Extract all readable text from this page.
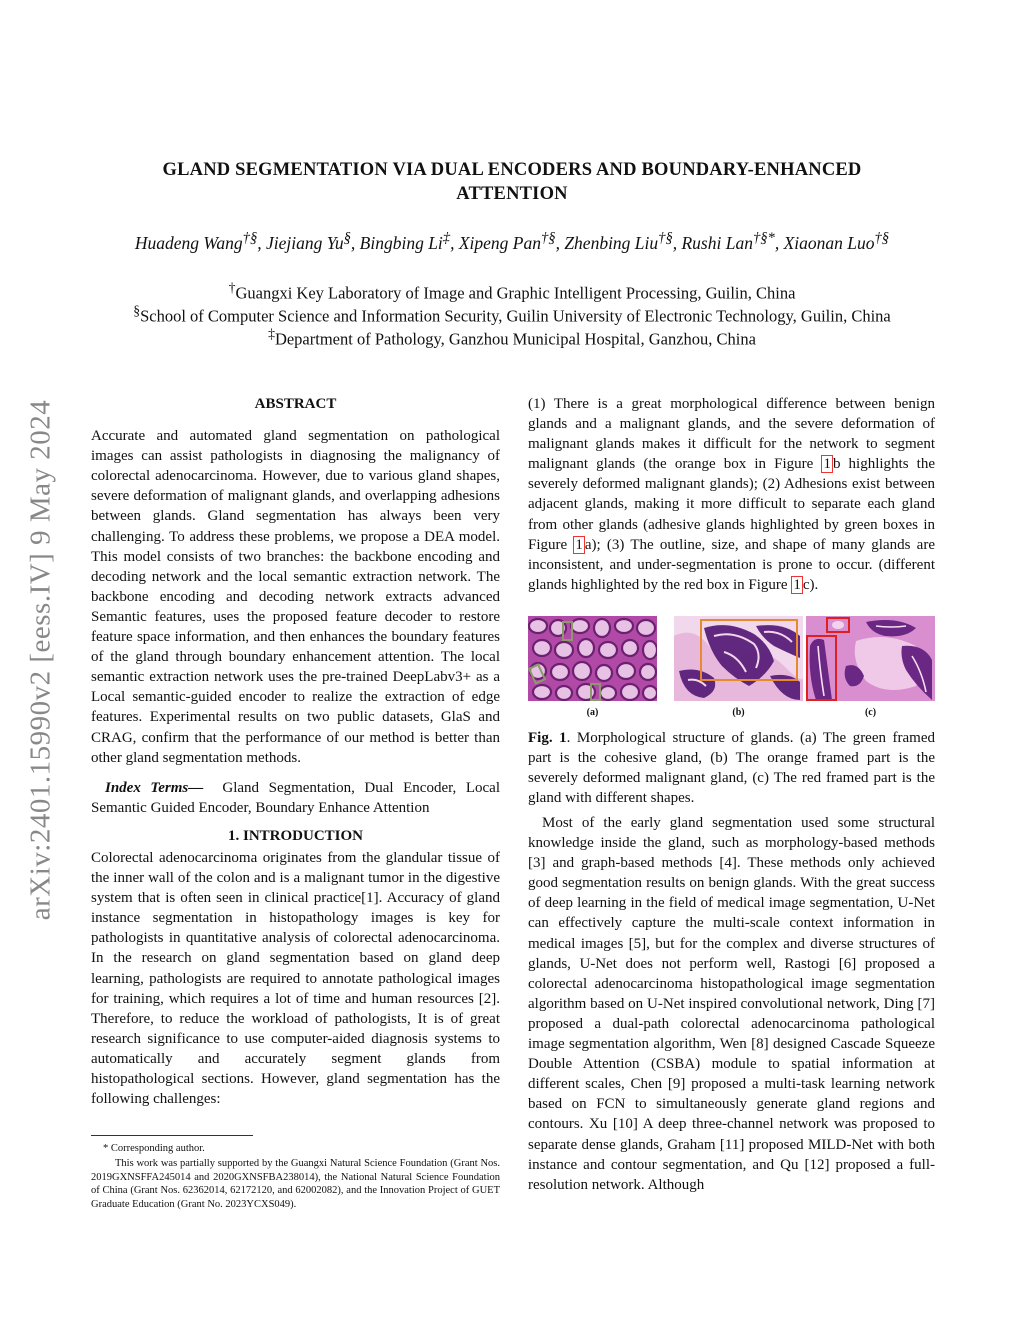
arXiv:2401.15990v2 [eess.IV] 9 May 2024
GLAND SEGMENTATION VIA DUAL ENCODERS AND BOUNDARY-ENHANCED
ATTENTION
Huadeng Wang†§, Jiejiang Yu§, Bingbing Li‡, Xipeng Pan†§, Zhenbing Liu†§, Rushi Lan†§*, Xiaonan Luo†§
†Guangxi Key Laboratory of Image and Graphic Intelligent Processing, Guilin, China
§School of Computer Science and Information Security, Guilin University of Electronic Technology, Guilin, China
‡Department of Pathology, Ganzhou Municipal Hospital, Ganzhou, China
ABSTRACT

Accurate and automated gland segmentation on pathological images can assist pathologists in diagnosing the malignancy of colorectal adenocarcinoma. However, due to various gland shapes, severe deformation of malignant glands, and overlapping adhesions between glands. Gland segmentation has always been very challenging. To address these problems, we propose a DEA model. This model consists of two branches: the backbone encoding and decoding network and the local semantic extraction network. The backbone encoding and decoding network extracts advanced Semantic features, uses the proposed feature decoder to restore feature space information, and then enhances the boundary features of the gland through boundary enhancement attention. The local semantic extraction network uses the pre-trained DeepLabv3+ as a Local semantic-guided encoder to realize the extraction of edge features. Experimental results on two public datasets, GlaS and CRAG, confirm that the performance of our method is better than other gland segmentation methods.

Index Terms— Gland Segmentation, Dual Encoder, Local Semantic Guided Encoder, Boundary Enhance Attention

1. INTRODUCTION

Colorectal adenocarcinoma originates from the glandular tissue of the inner wall of the colon and is a malignant tumor in the digestive system that is often seen in clinical practice[1]. Accuracy of gland instance segmentation in histopathology images is key for pathologists in quantitative analysis of colorectal adenocarcinoma. In the research on gland segmentation based on gland deep learning, pathologists are required to annotate pathological images for training, which requires a lot of time and human resources [2]. Therefore, to reduce the workload of pathologists, It is of great research significance to use computer-aided diagnosis systems to automatically and accurately segment glands from histopathological sections. However, gland segmentation has the following challenges:

* Corresponding author.
This work was partially supported by the Guangxi Natural Science Foundation (Grant Nos. 2019GXNSFFA245014 and 2020GXNSFBA238014), the National Natural Science Foundation of China (Grant Nos. 62362014, 62172120, and 62002082), and the Innovation Project of GUET Graduate Education (Grant No. 2023YCXS049).

(1) There is a great morphological difference between benign glands and a malignant glands, and the severe deformation of malignant glands makes it difficult for the network to segment malignant glands (the orange box in Figure 1 b highlights the severely deformed malignant glands); (2) Adhesions exist between adjacent glands, making it more difficult to separate each gland from other glands (adhesive glands highlighted by green boxes in Figure 1 a); (3) The outline, size, and shape of many glands are inconsistent, and under-segmentation is prone to occur. (different glands highlighted by the red box in Figure 1 c).

(a)	(b)	(c)

Fig. 1. Morphological structure of glands. (a) The green framed part is the cohesive gland, (b) The orange framed part is the severely deformed malignant gland, (c) The red framed part is the gland with different shapes.

Most of the early gland segmentation used some structural knowledge inside the gland, such as morphology-based methods [3] and graph-based methods [4]. These methods only achieved good segmentation results on benign glands. With the great success of deep learning in the field of medical image segmentation, U-Net can effectively capture the multi-scale context information in medical images [5], but for the complex and diverse structures of glands, U-Net does not perform well, Rastogi [6] proposed a colorectal adenocarcinoma histopathological image segmentation algorithm based on U-Net inspired convolutional network, Ding [7] proposed a dual-path colorectal adenocarcinoma pathological image segmentation algorithm, Wen [8] designed Cascade Squeeze Double Attention (CSBA) module to spatial information at different scales, Chen [9] proposed a multi-task learning network based on FCN to simultaneously generate gland regions and contours. Xu [10] A deep three-channel network was proposed to separate dense glands, Graham [11] proposed MILD-Net with both instance and contour segmentation, and Qu [12] proposed a full-resolution network. Although
